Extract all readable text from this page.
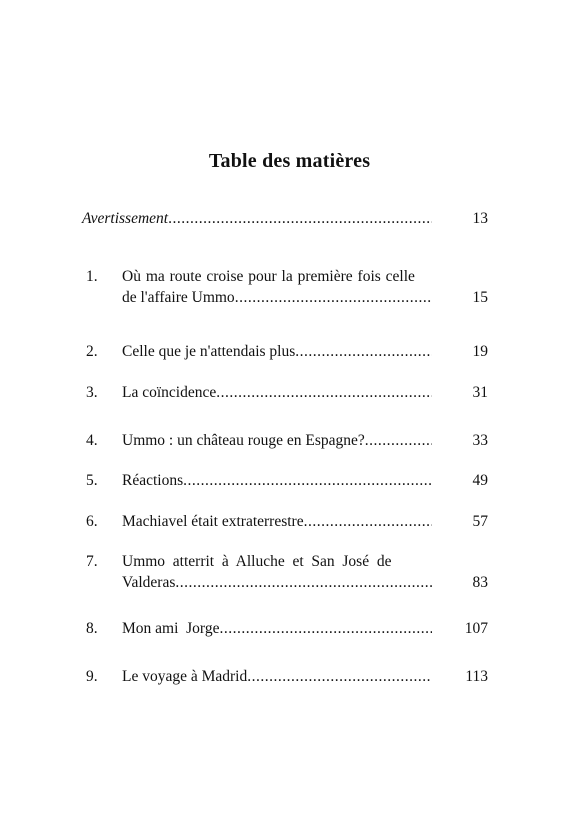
Table des matières
Avertissement .....	13
1. Où ma route croise pour la première fois celle
de l'affaire Ummo .....	15
2. Celle que je n'attendais plus .....	19
3. La coïncidence .....	31
4. Ummo : un château rouge en Espagne? .....	33
5. Réactions .....	49
6. Machiavel était extraterrestre .....	57
7. Ummo  atterrit  à  Alluche  et  San  José  de
Valderas .....	83
8. Mon ami  Jorge .....	107
9. Le voyage à Madrid .....	113
